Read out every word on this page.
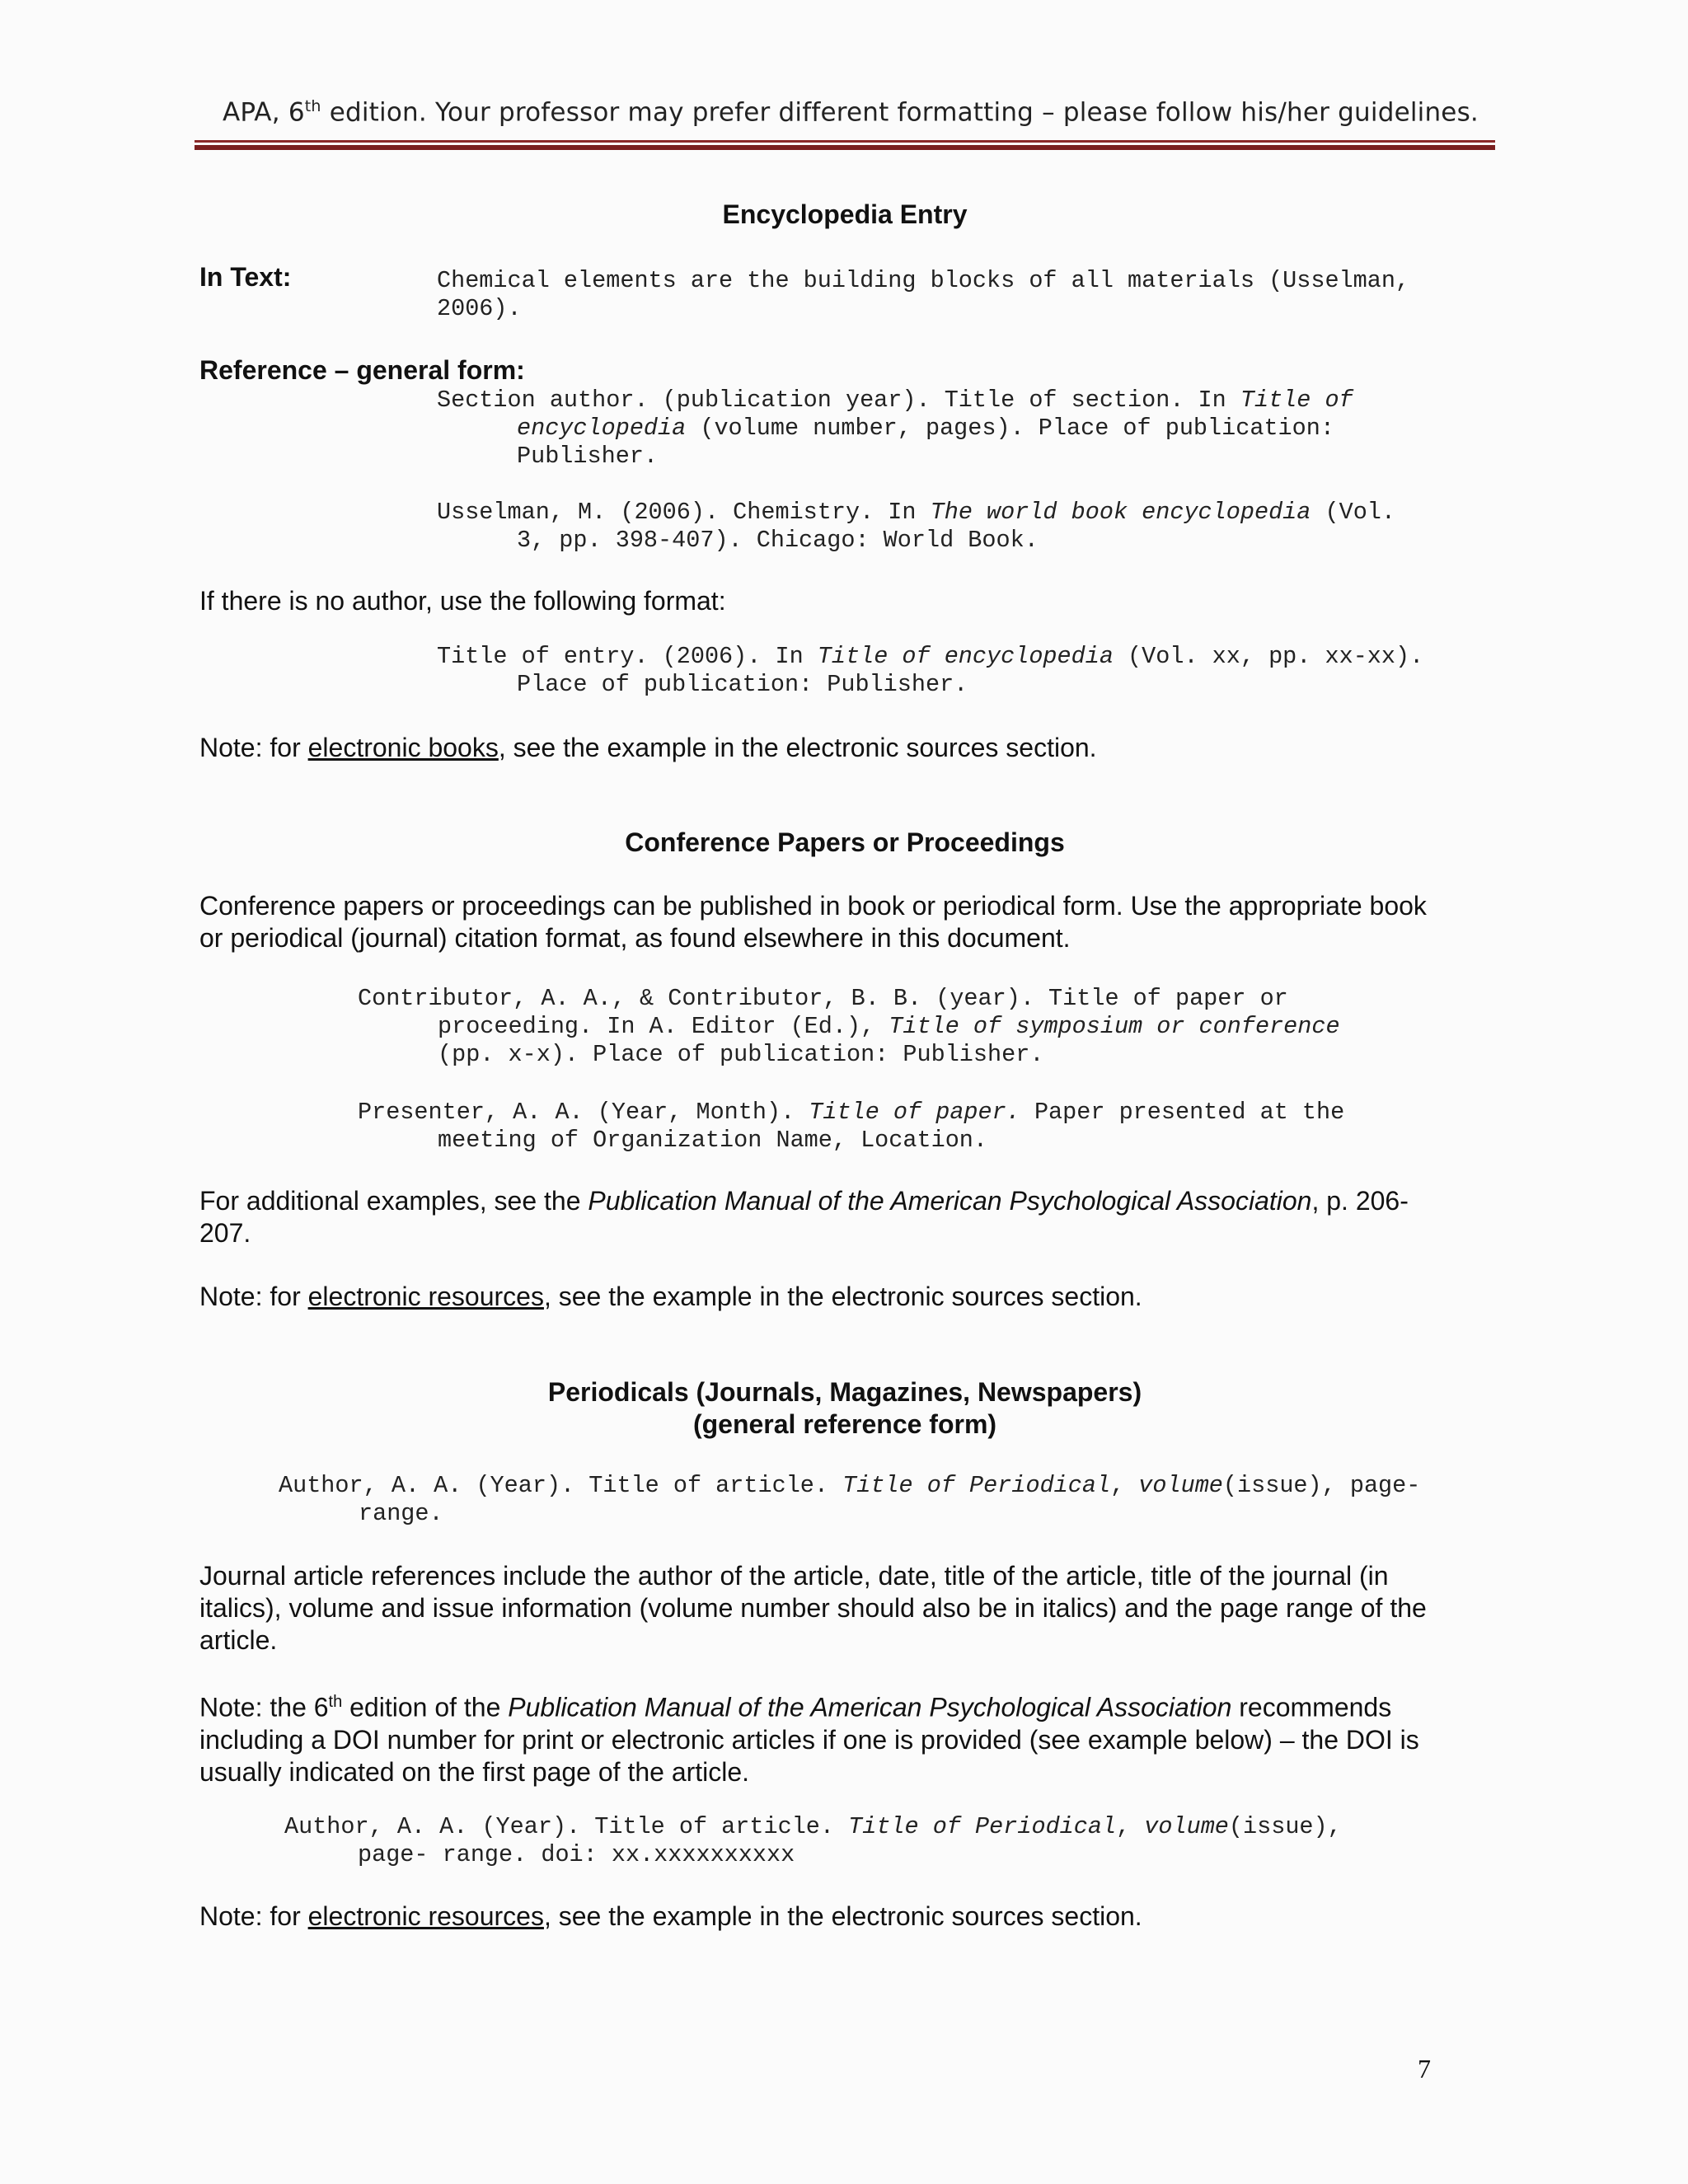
APA, 6th edition. Your professor may prefer different formatting – please follow his/her guidelines.
Encyclopedia Entry
In Text:	Chemical elements are the building blocks of all materials (Usselman,
2006).
Reference – general form:
Section author. (publication year). Title of section. In Title of
encyclopedia (volume number, pages). Place of publication:
Publisher.
Usselman, M. (2006). Chemistry. In The world book encyclopedia (Vol.
3, pp. 398-407). Chicago: World Book.
If there is no author, use the following format:
Title of entry. (2006). In Title of encyclopedia (Vol. xx, pp. xx-xx).
Place of publication: Publisher.
Note: for electronic books, see the example in the electronic sources section.
Conference Papers or Proceedings
Conference papers or proceedings can be published in book or periodical form. Use the appropriate book
or periodical (journal) citation format, as found elsewhere in this document.
Contributor, A. A., & Contributor, B. B. (year). Title of paper or
proceeding. In A. Editor (Ed.), Title of symposium or conference
(pp. x-x). Place of publication: Publisher.
Presenter, A. A. (Year, Month). Title of paper. Paper presented at the
meeting of Organization Name, Location.
For additional examples, see the Publication Manual of the American Psychological Association, p. 206-
207.
Note: for electronic resources, see the example in the electronic sources section.
Periodicals (Journals, Magazines, Newspapers)
(general reference form)
Author, A. A. (Year). Title of article. Title of Periodical, volume(issue), page-
range.
Journal article references include the author of the article, date, title of the article, title of the journal (in
italics), volume and issue information (volume number should also be in italics) and the page range of the
article.
Note: the 6th edition of the Publication Manual of the American Psychological Association recommends
including a DOI number for print or electronic articles if one is provided (see example below) – the DOI is
usually indicated on the first page of the article.
Author, A. A. (Year). Title of article. Title of Periodical, volume(issue),
page- range. doi: xx.xxxxxxxxxx
Note: for electronic resources, see the example in the electronic sources section.
7
